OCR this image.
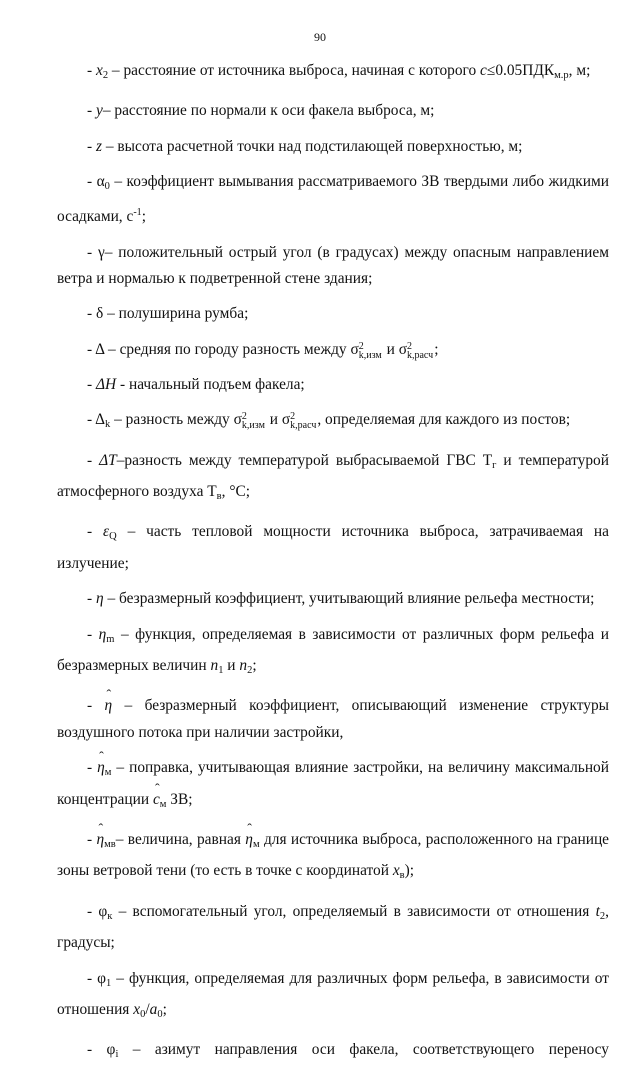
90

- x2 – расстояние от источника выброса, начиная с которого c≤0.05ПДКм.р, м;

- y– расстояние по нормали к оси факела выброса, м;

- z – высота расчетной точки над подстилающей поверхностью, м;

- α0 – коэффициент вымывания рассматриваемого ЗВ твердыми либо жидкими осадками, $с^{-1}$;

- γ– положительный острый угол (в градусах) между опасным направлением ветра и нормалью к подветренной стене здания;

- δ – полуширина румба;

- Δ – средняя по городу разность между σ 2
k,изм и σ 2
k,расч ;

- ΔH - начальный подъем факела;

- Δk – разность между σ 2
k,изм и σ 2
k,расч , определяемая для каждого из постов;

- ΔT–разность между температурой выбрасываемой ГВС Тг и температурой атмосферного воздуха Тв, °С;

- εQ – часть тепловой мощности источника выброса, затрачиваемая на излучение;

- η – безразмерный коэффициент, учитывающий влияние рельефа местности;

- ηm – функция, определяемая в зависимости от различных форм рельефа и безразмерных величин n1 и n2;

- ˆ η – безразмерный коэффициент, описывающий изменение структуры воздушного потока при наличии застройки,

- ˆ ηм – поправка, учитывающая влияние застройки, на величину максимальной концентрации ˆ cм ЗВ;

- ˆ ηмв– величина, равная ˆ ηм для источника выброса, расположенного на границе зоны ветровой тени (то есть в точке с координатой xв);

- φк – вспомогательный угол, определяемый в зависимости от отношения t2, градусы;

- φ1 – функция, определяемая для различных форм рельефа, в зависимости от отношения x0/a0;

- φi – азимут направления оси факела, соответствующего переносу
